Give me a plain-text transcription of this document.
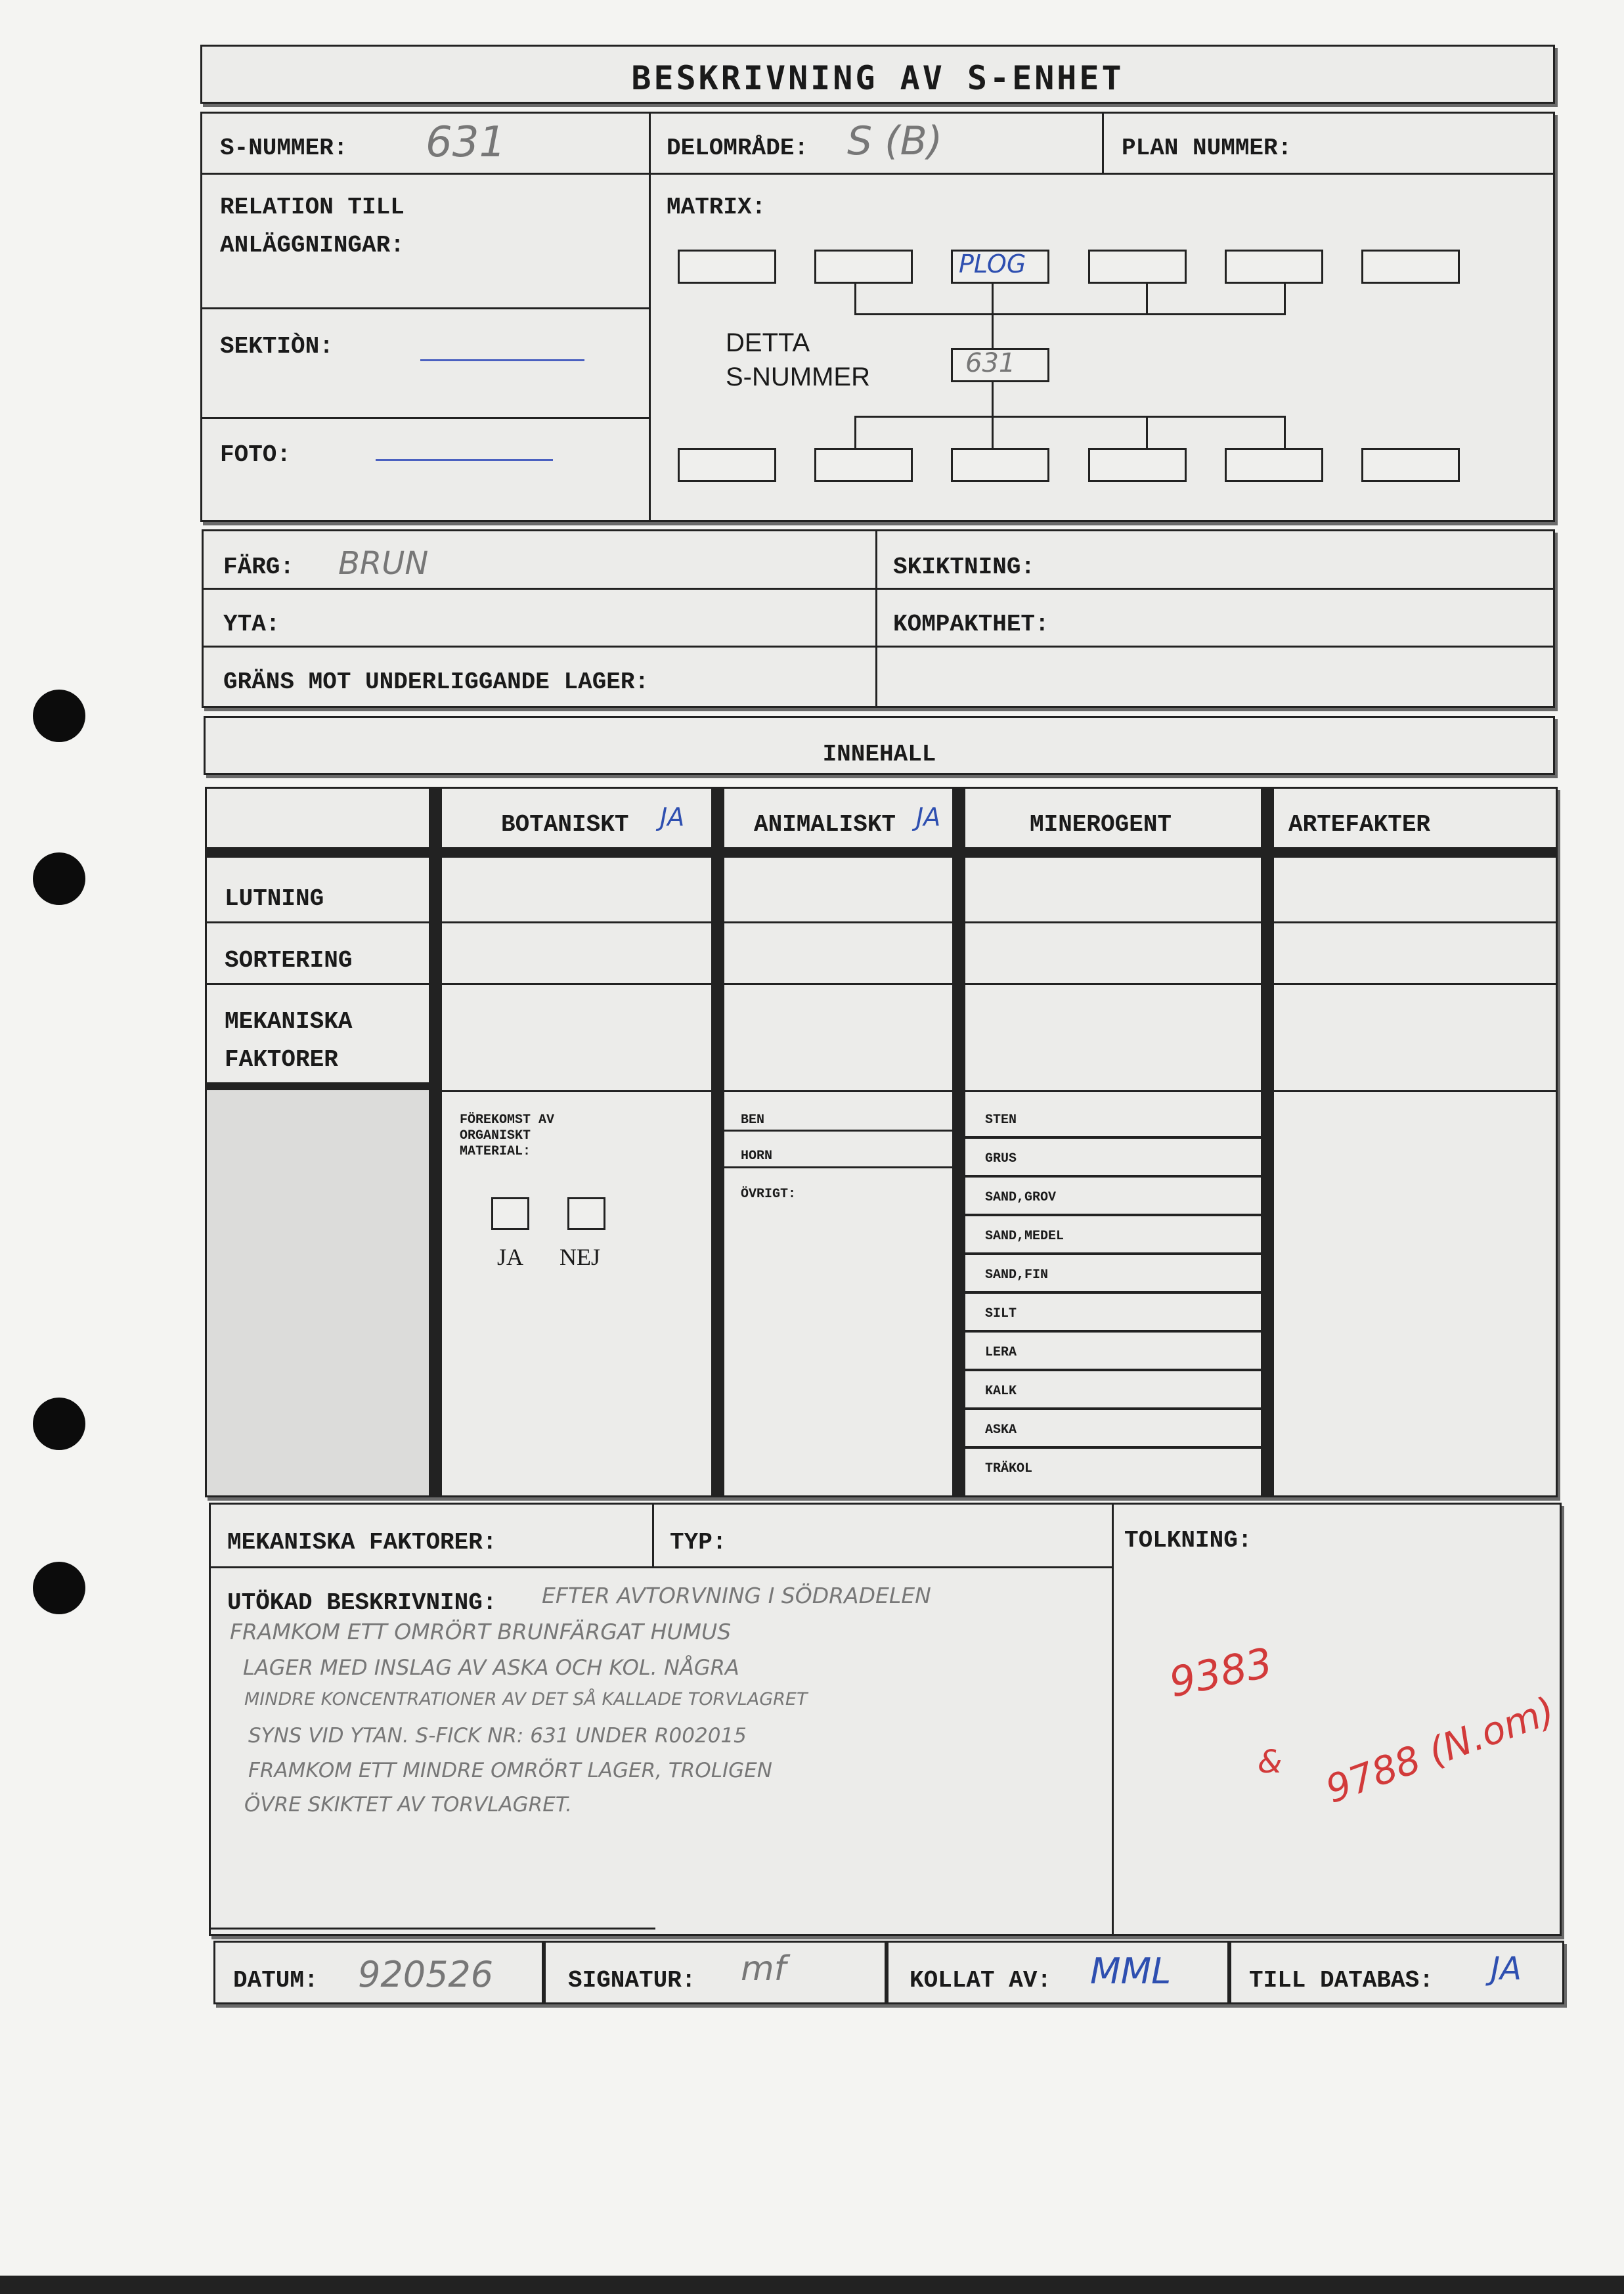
BESKRIVNING AV S-ENHET
S-NUMMER: 631	DELOMRÅDE: S (B)	PLAN NUMMER:
RELATION TILL
ANLÄGGNINGAR:
SEKTIÒN:
FOTO:
MATRIX:
PLOG
DETTA
S-NUMMER	631
FÄRG: BRUN	SKIKTNING:
YTA:	KOMPAKTHET:
GRÄNS MOT UNDERLIGGANDE LAGER:
INNEHALL
BOTANISKT JA	ANIMALISKT JA	MINEROGENT	ARTEFAKTER
LUTNING
SORTERING
MEKANISKA
FAKTORER
FÖREKOMST AV
ORGANISKT
MATERIAL:
JA NEJ
BEN
HORN
ÖVRIGT:
STEN
GRUS
SAND,GROV
SAND,MEDEL
SAND,FIN
SILT
LERA
KALK
ASKA
TRÄKOL
MEKANISKA FAKTORER:	TYP:	TOLKNING:
9383
& 9788 (N.om)
UTÖKAD BESKRIVNING: EFTER AVTORVNING I SÖDRADELEN
FRAMKOM ETT OMRÖRT BRUNFÄRGAT HUMUS
LAGER MED INSLAG AV ASKA OCH KOL. NÅGRA
MINDRE KONCENTRATIONER AV DET SÅ KALLADE TORVLAGRET
SYNS VID YTAN. S-FICK NR: 631 UNDER R002015
FRAMKOM ETT MINDRE OMRÖRT LAGER, TROLIGEN
ÖVRE SKIKTET AV TORVLAGRET.
DATUM: 920526	SIGNATUR: mf	KOLLAT AV: MML	TILL DATABAS: JA
